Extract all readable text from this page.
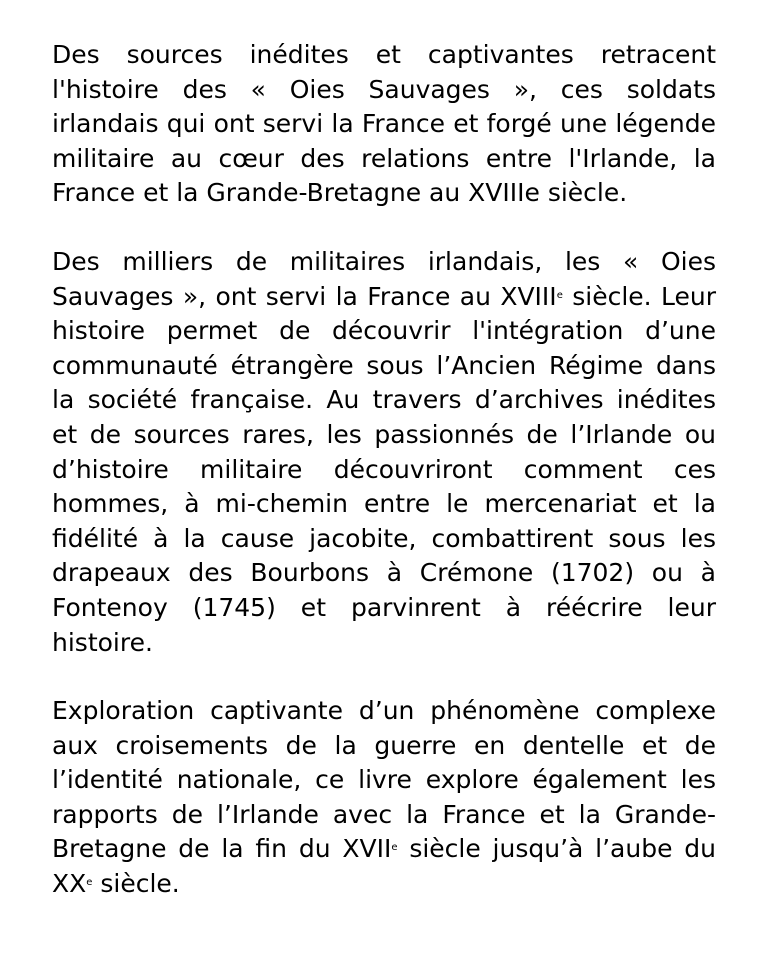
Des sources inédites et captivantes retracent l'histoire des « Oies Sauvages », ces soldats irlandais qui ont servi la France et forgé une légende militaire au cœur des relations entre l'Irlande, la France et la Grande-Bretagne au XVIIIe siècle.

Des milliers de militaires irlandais, les « Oies Sauvages », ont servi la France au XVIIIe siècle. Leur histoire permet de découvrir l'intégration d’une communauté étrangère sous l’Ancien Régime dans la société française. Au travers d’archives inédites et de sources rares, les passionnés de l’Irlande ou d’histoire militaire découvriront comment ces hommes, à mi-chemin entre le mercenariat et la fidélité à la cause jacobite, combattirent sous les drapeaux des Bourbons à Crémone (1702) ou à Fontenoy (1745) et parvinrent à réécrire leur histoire.

Exploration captivante d’un phénomène complexe aux croisements de la guerre en dentelle et de l’identité nationale, ce livre explore également les rapports de l’Irlande avec la France et la Grande-Bretagne de la fin du XVIIe siècle jusqu’à l’aube du XXe siècle.
